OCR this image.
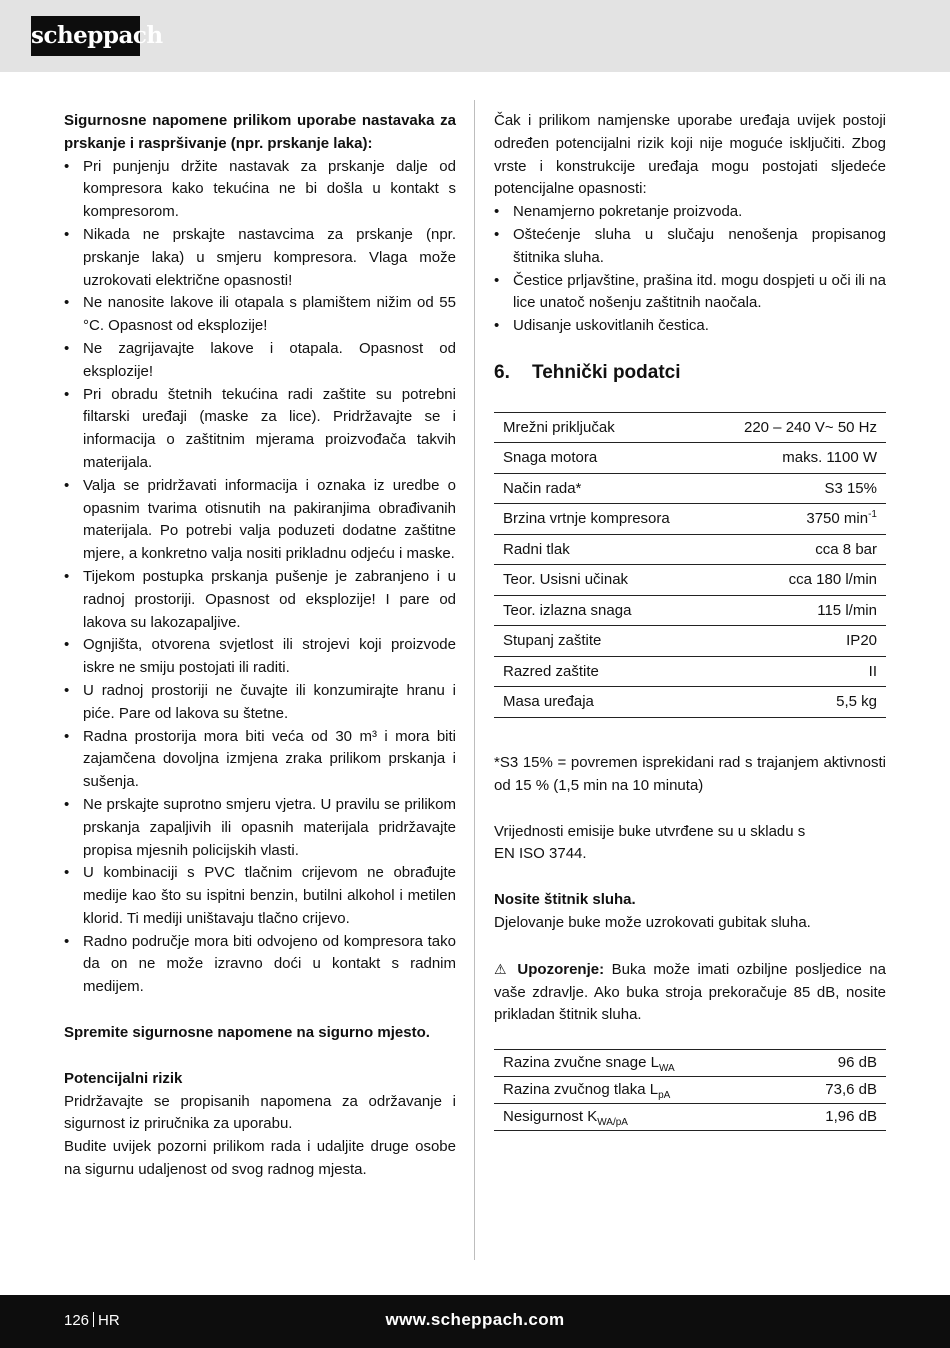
scheppach

Sigurnosne napomene prilikom uporabe nastavaka za prskanje i raspršivanje (npr. prskanje laka):

• Pri punjenju držite nastavak za prskanje dalje od kompresora kako tekućina ne bi došla u kontakt s kompresorom.
• Nikada ne prskajte nastavcima za prskanje (npr. prskanje laka) u smjeru kompresora. Vlaga može uzrokovati električne opasnosti!
• Ne nanosite lakove ili otapala s plamištem nižim od 55 °C. Opasnost od eksplozije!
• Ne zagrijavajte lakove i otapala. Opasnost od eksplozije!
• Pri obradu štetnih tekućina radi zaštite su potrebni filtarski uređaji (maske za lice). Pridržavajte se i informacija o zaštitnim mjerama proizvođača takvih materijala.
• Valja se pridržavati informacija i oznaka iz uredbe o opasnim tvarima otisnutih na pakiranjima obrađivanih materijala. Po potrebi valja poduzeti dodatne zaštitne mjere, a konkretno valja nositi prikladnu odjeću i maske.
• Tijekom postupka prskanja pušenje je zabranjeno i u radnoj prostoriji. Opasnost od eksplozije! I pare od lakova su lakozapaljive.
• Ognjišta, otvorena svjetlost ili strojevi koji proizvode iskre ne smiju postojati ili raditi.
• U radnoj prostoriji ne čuvajte ili konzumirajte hranu i piće. Pare od lakova su štetne.
• Radna prostorija mora biti veća od 30 m³ i mora biti zajamčena dovoljna izmjena zraka prilikom prskanja i sušenja.
• Ne prskajte suprotno smjeru vjetra. U pravilu se prilikom prskanja zapaljivih ili opasnih materijala pridržavajte propisa mjesnih policijskih vlasti.
• U kombinaciji s PVC tlačnim crijevom ne obrađujte medije kao što su ispitni benzin, butilni alkohol i metilen klorid. Ti mediji uništavaju tlačno crijevo.
• Radno područje mora biti odvojeno od kompresora tako da on ne može izravno doći u kontakt s radnim medijem.

Spremite sigurnosne napomene na sigurno mjesto.

Potencijalni rizik

Pridržavajte se propisanih napomena za održavanje i sigurnost iz priručnika za uporabu.

Budite uvijek pozorni prilikom rada i udaljite druge osobe na sigurnu udaljenost od svog radnog mjesta.

Čak i prilikom namjenske uporabe uređaja uvijek postoji određen potencijalni rizik koji nije moguće isključiti. Zbog vrste i konstrukcije uređaja mogu postojati sljedeće potencijalne opasnosti:

• Nenamjerno pokretanje proizvoda.
• Oštećenje sluha u slučaju nenošenja propisanog štitnika sluha.
• Čestice prljavštine, prašina itd. mogu dospjeti u oči ili na lice unatoč nošenju zaštitnih naočala.
• Udisanje uskovitlanih čestica.
6. Tehnički podatci
Mrežni priključak	220 – 240 V~ 50 Hz
Snaga motora	maks. 1100 W
Način rada*	S3 15%
Brzina vrtnje kompresora	3750 $\min^{-1}$
Radni tlak	cca 8 bar
Teor. Usisni učinak	cca 180 l/min
Teor. izlazna snaga	115 l/min
Stupanj zaštite	IP20
Razred zaštite	II
Masa uređaja	5,5 kg

*S3 15% = povremen isprekidani rad s trajanjem aktivnosti od 15 % (1,5 min na 10 minuta)

Vrijednosti emisije buke utvrđene su u skladu s
EN ISO 3744.

Nosite štitnik sluha.

Djelovanje buke može uzrokovati gubitak sluha.

⚠ Upozorenje: Buka može imati ozbiljne posljedice na vaše zdravlje. Ako buka stroja prekoračuje 85 dB, nosite prikladan štitnik sluha.

Razina zvučne snage $L_{WA}$	96 dB
Razina zvučnog tlaka $L_{pA}$	73,6 dB
Nesigurnost $K_{WA/pA}$	1,96 dB
126 HR	www.scheppach.com
